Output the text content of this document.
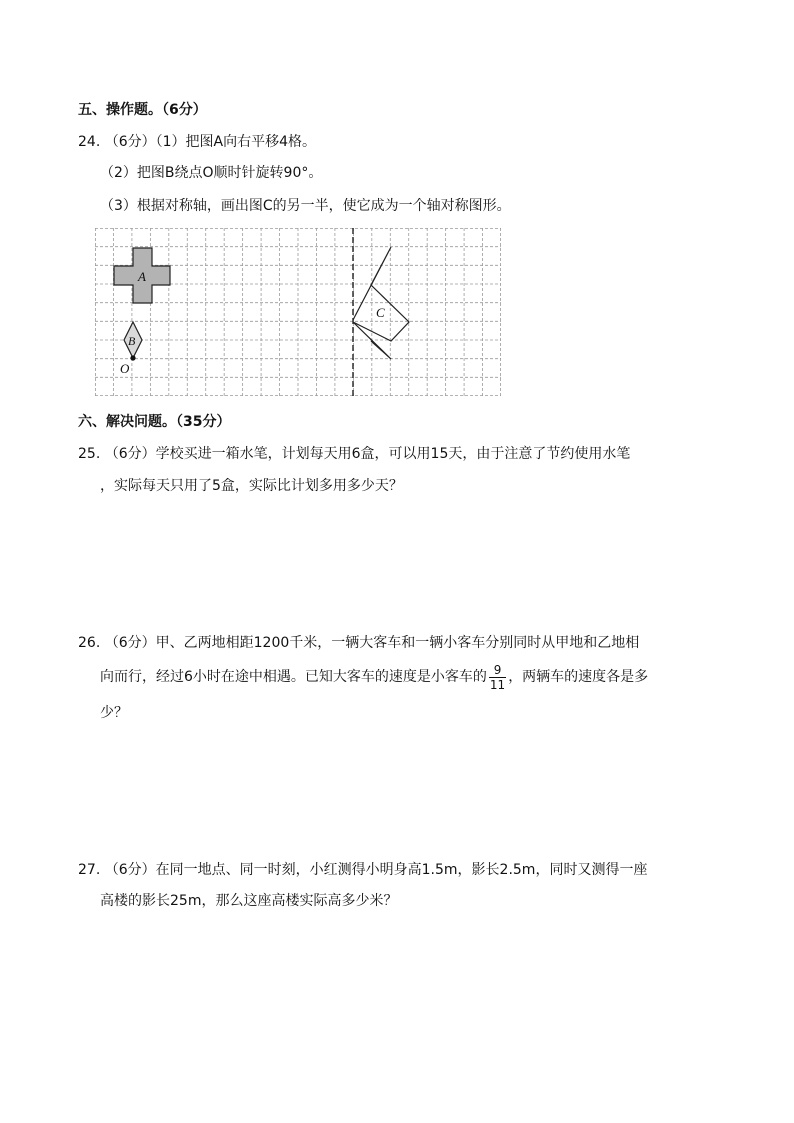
五、操作题。（6分）
24. （6分）（1）把图A向右平移4格。
（2）把图B绕点O顺时针旋转90°。
（3）根据对称轴，画出图C的另一半，使它成为一个轴对称图形。
A
B
O
C
六、解决问题。（35分）
25. （6分）学校买进一箱水笔，计划每天用6盒，可以用15天，由于注意了节约使用水笔
，实际每天只用了5盒，实际比计划多用多少天？
26. （6分）甲、乙两地相距1200千米，一辆大客车和一辆小客车分别同时从甲地和乙地相
向而行，经过6小时在途中相遇。已知大客车的速度是小客车的 $\frac{9}{11}$ ，两辆车的速度各是多
少？
27. （6分）在同一地点、同一时刻，小红测得小明身高1.5m，影长2.5m，同时又测得一座
高楼的影长25m，那么这座高楼实际高多少米？
